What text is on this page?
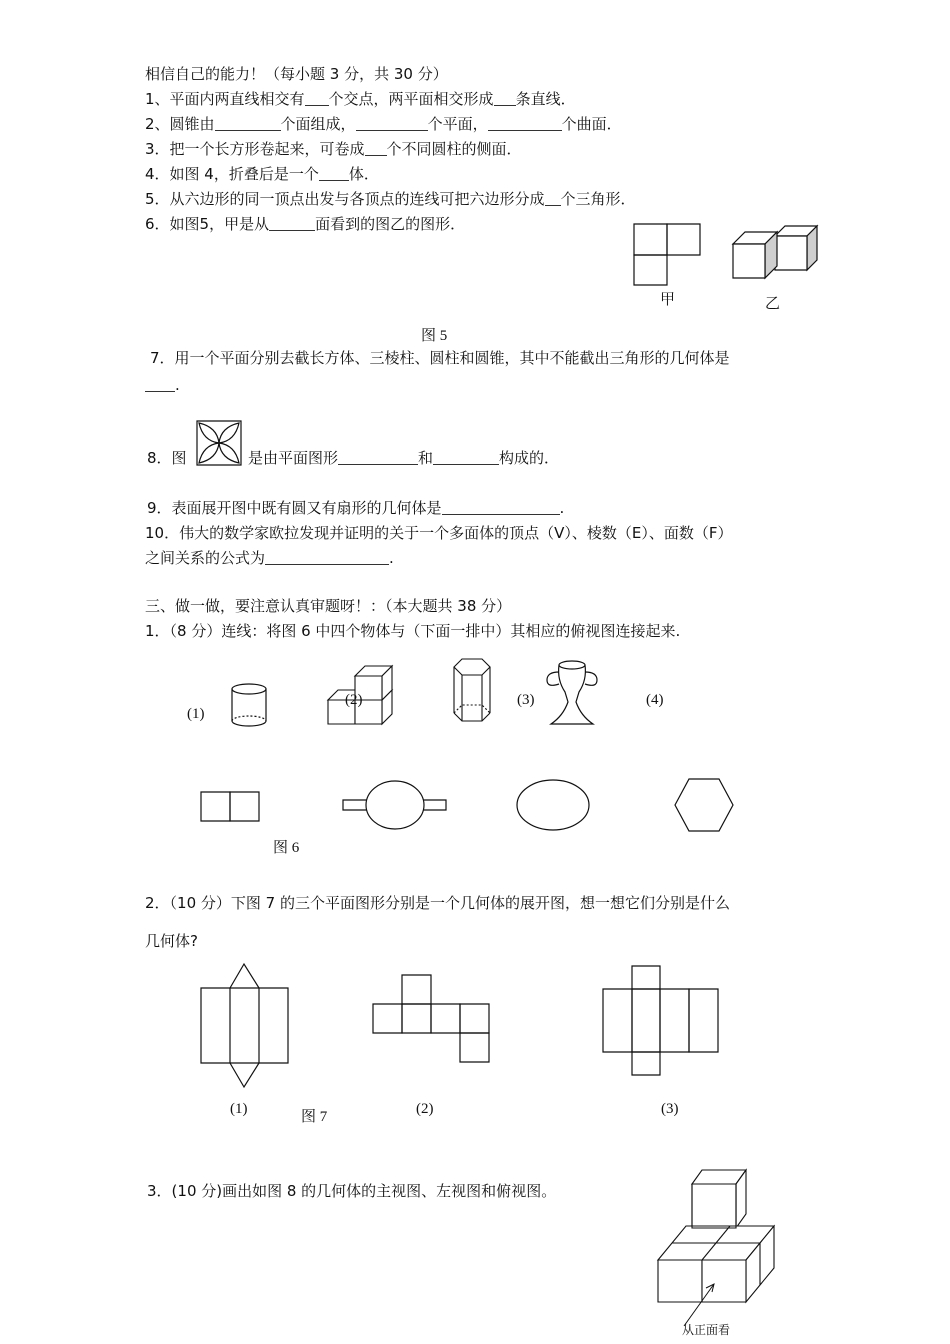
相信自己的能力！（每小题 3 分，共 30 分）
1、平面内两直线相交有 个交点，两平面相交形成 条直线．
2、圆锥由	个面组成，	个平面，	个曲面．
3．把一个长方形卷起来，可卷成 个不同圆柱的侧面．
4．如图 4，折叠后是一个 体．
5．从六边形的同一顶点出发与各顶点的连线可把六边形分成 个三角形．
6．如图5，甲是从	面看到的图乙的图形．
甲	乙
图 5
7．用一个平面分别去截长方体、三棱柱、圆柱和圆锥，其中不能截出三角形的几何体是
.
8．图	是由平面图形	和	构成的．
9．表面展开图中既有圆又有扇形的几何体是	.
10．伟大的数学家欧拉发现并证明的关于一个多面体的顶点（V）、棱数（E）、面数（F）
之间关系的公式为	.
三、做一做，要注意认真审题呀！：（本大题共 38 分）
1．（8 分）连线：将图 6 中四个物体与（下面一排中）其相应的俯视图连接起来.
(1)
(2)	(3)	(4)
图 6
2．（10 分）下图 7 的三个平面图形分别是一个几何体的展开图，想一想它们分别是什么
几何体?
(1)	图 7	(2)	(3)
3．(10 分)画出如图 8 的几何体的主视图、左视图和俯视图。
从正面看
